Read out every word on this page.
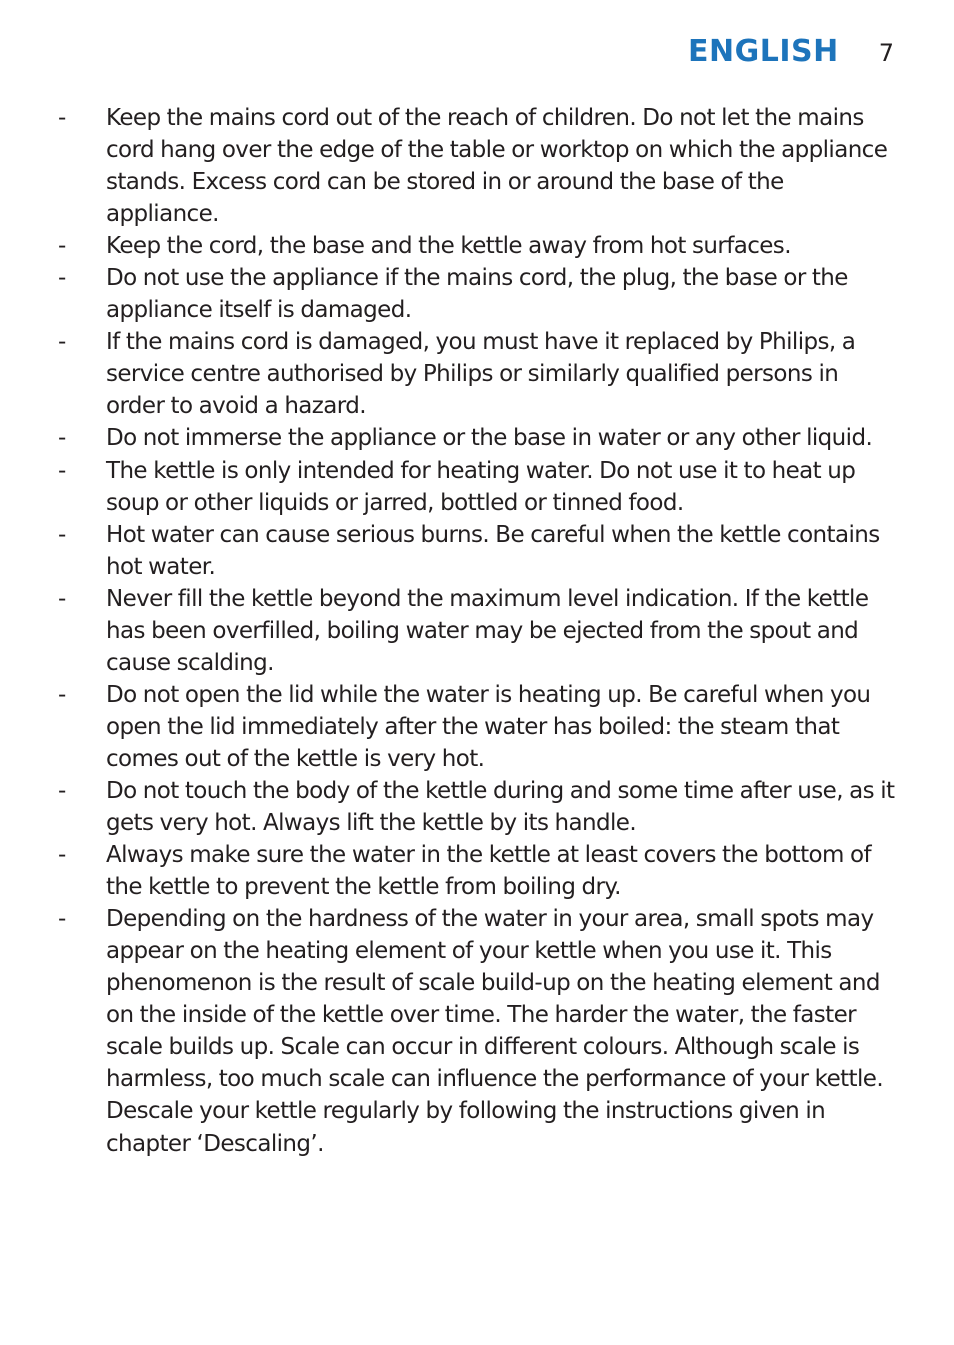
ENGLISH 7
-	Keep the mains cord out of the reach of children. Do not let the mains cord hang over the edge of the table or worktop on which the appliance stands. Excess cord can be stored in or around the base of the appliance.
-	Keep the cord, the base and the kettle away from hot surfaces.
-	Do not use the appliance if the mains cord, the plug, the base or the appliance itself is damaged.
-	If the mains cord is damaged, you must have it replaced by Philips, a service centre authorised by Philips or similarly qualified persons in order to avoid a hazard.
-	Do not immerse the appliance or the base in water or any other liquid.
-	The kettle is only intended for heating water. Do not use it to heat up soup or other liquids or jarred, bottled or tinned food.
-	Hot water can cause serious burns. Be careful when the kettle contains hot water.
-	Never fill the kettle beyond the maximum level indication. If the kettle has been overfilled, boiling water may be ejected from the spout and cause scalding.
-	Do not open the lid while the water is heating up. Be careful when you open the lid immediately after the water has boiled: the steam that comes out of the kettle is very hot.
-	Do not touch the body of the kettle during and some time after use, as it gets very hot. Always lift the kettle by its handle.
-	Always make sure the water in the kettle at least covers the bottom of the kettle to prevent the kettle from boiling dry.
-	Depending on the hardness of the water in your area, small spots may appear on the heating element of your kettle when you use it. This phenomenon is the result of scale build-up on the heating element and on the inside of the kettle over time. The harder the water, the faster scale builds up. Scale can occur in different colours. Although scale is harmless, too much scale can influence the performance of your kettle. Descale your kettle regularly by following the instructions given in chapter ‘Descaling’.
